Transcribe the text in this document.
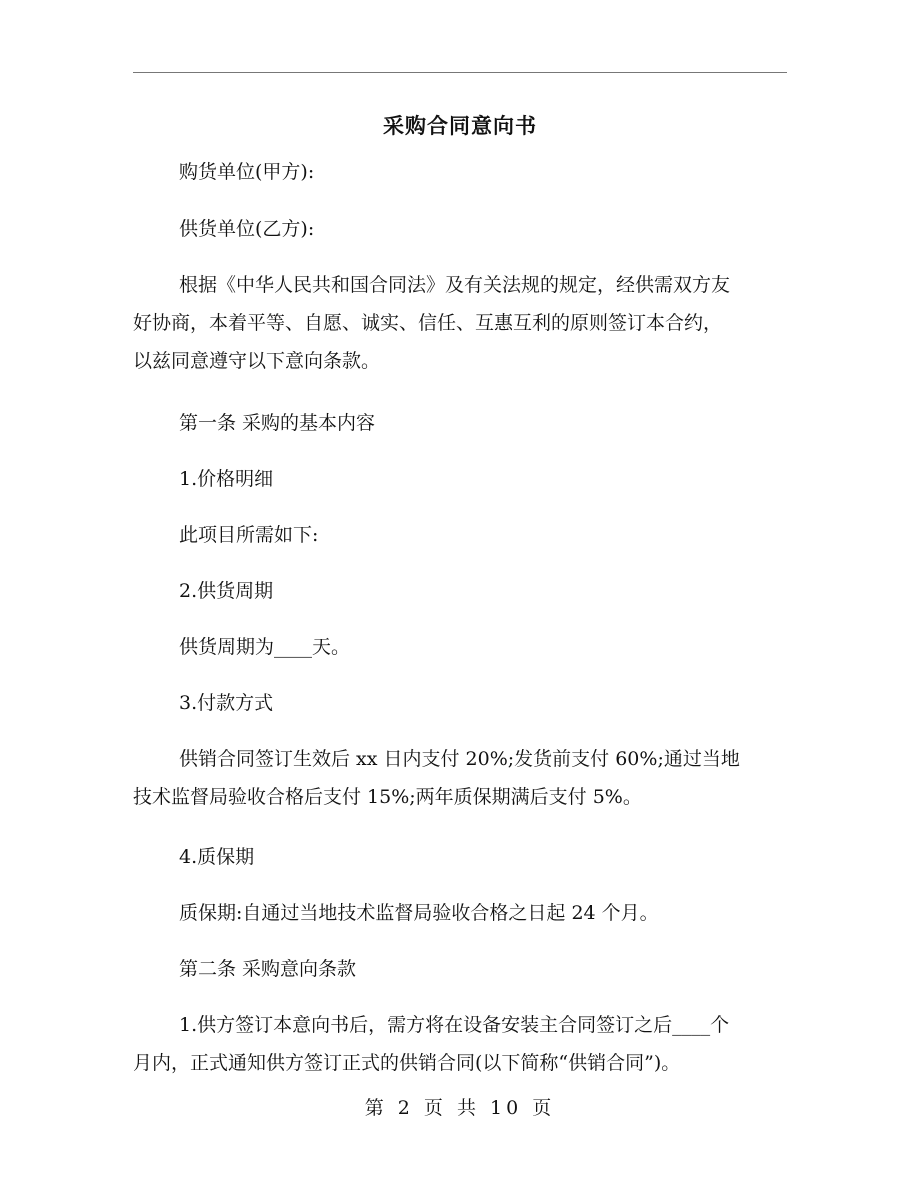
采购合同意向书
购货单位(甲方):
供货单位(乙方):
根据《中华人民共和国合同法》及有关法规的规定，经供需双方友
好协商，本着平等、自愿、诚实、信任、互惠互利的原则签订本合约，
以兹同意遵守以下意向条款。
第一条 采购的基本内容
1.价格明细
此项目所需如下:
2.供货周期
供货周期为____天。
3.付款方式
供销合同签订生效后 xx 日内支付 20%;发货前支付 60%;通过当地
技术监督局验收合格后支付 15%;两年质保期满后支付 5%。
4.质保期
质保期:自通过当地技术监督局验收合格之日起 24 个月。
第二条 采购意向条款
1.供方签订本意向书后，需方将在设备安装主合同签订之后____个
月内，正式通知供方签订正式的供销合同(以下简称“供销合同”)。
第 2 页 共 10 页
